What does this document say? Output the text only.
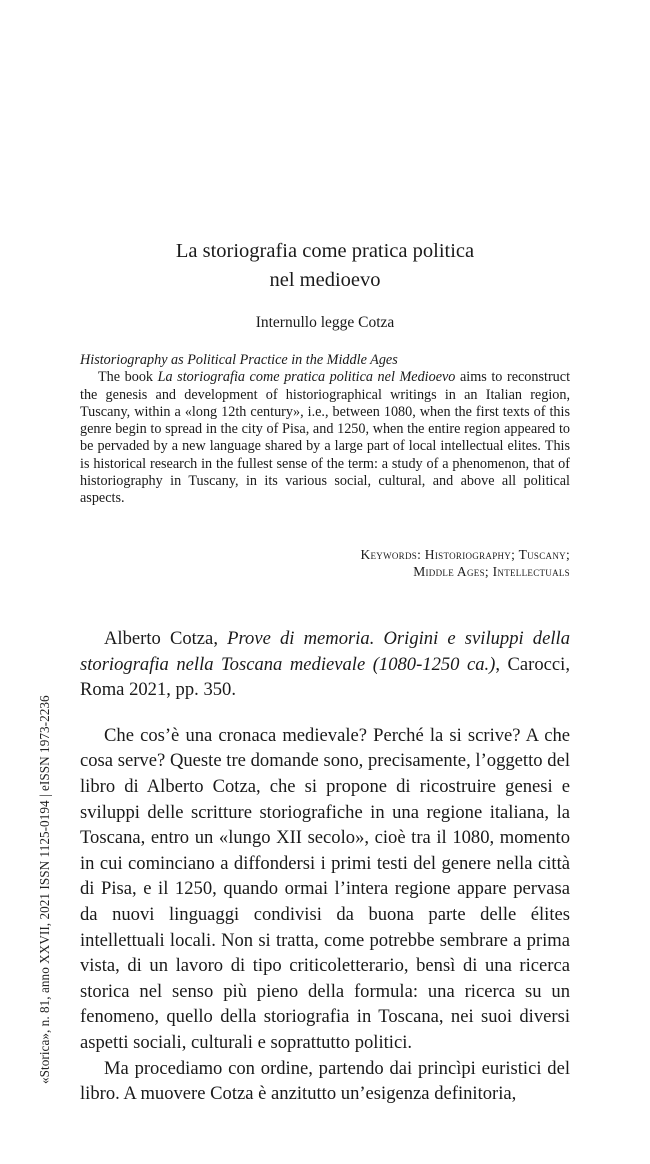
La storiografia come pratica politica
nel medioevo
Internullo legge Cotza
Historiography as Political Practice in the Middle Ages

The book La storiografia come pratica politica nel Medioevo aims to reconstruct the genesis and development of historiographical writings in an Italian region, Tuscany, within a «long 12th century», i.e., between 1080, when the first texts of this genre begin to spread in the city of Pisa, and 1250, when the entire region appeared to be pervaded by a new language shared by a large part of local intellectual elites. This is historical research in the fullest sense of the term: a study of a phenomenon, that of historiography in Tuscany, in its various social, cultural, and above all political aspects.

Keywords: Historiography; Tuscany;
Middle Ages; Intellectuals

Alberto Cotza, Prove di memoria. Origini e sviluppi della storiografia nella Toscana medievale (1080-1250 ca.), Carocci, Roma 2021, pp. 350.

Che cos’è una cronaca medievale? Perché la si scrive? A che cosa serve? Queste tre domande sono, precisamente, l’oggetto del libro di Alberto Cotza, che si propone di ricostruire genesi e sviluppi delle scritture storiografiche in una regione italiana, la Toscana, entro un «lungo XII secolo», cioè tra il 1080, momento in cui cominciano a diffondersi i primi testi del genere nella città di Pisa, e il 1250, quando ormai l’intera regione appare pervasa da nuovi linguaggi condivisi da buona parte delle élites intellettuali locali. Non si tratta, come potrebbe sembrare a prima vista, di un lavoro di tipo criticoletterario, bensì di una ricerca storica nel senso più pieno della formula: una ricerca su un fenomeno, quello della storiografia in Toscana, nei suoi diversi aspetti sociali, culturali e soprattutto politici.

Ma procediamo con ordine, partendo dai princìpi euristici del libro. A muovere Cotza è anzitutto un’esigenza definitoria,

«Storica», n. 81, anno XXVII, 2021 ISSN 1125-0194 | eISSN 1973-2236
